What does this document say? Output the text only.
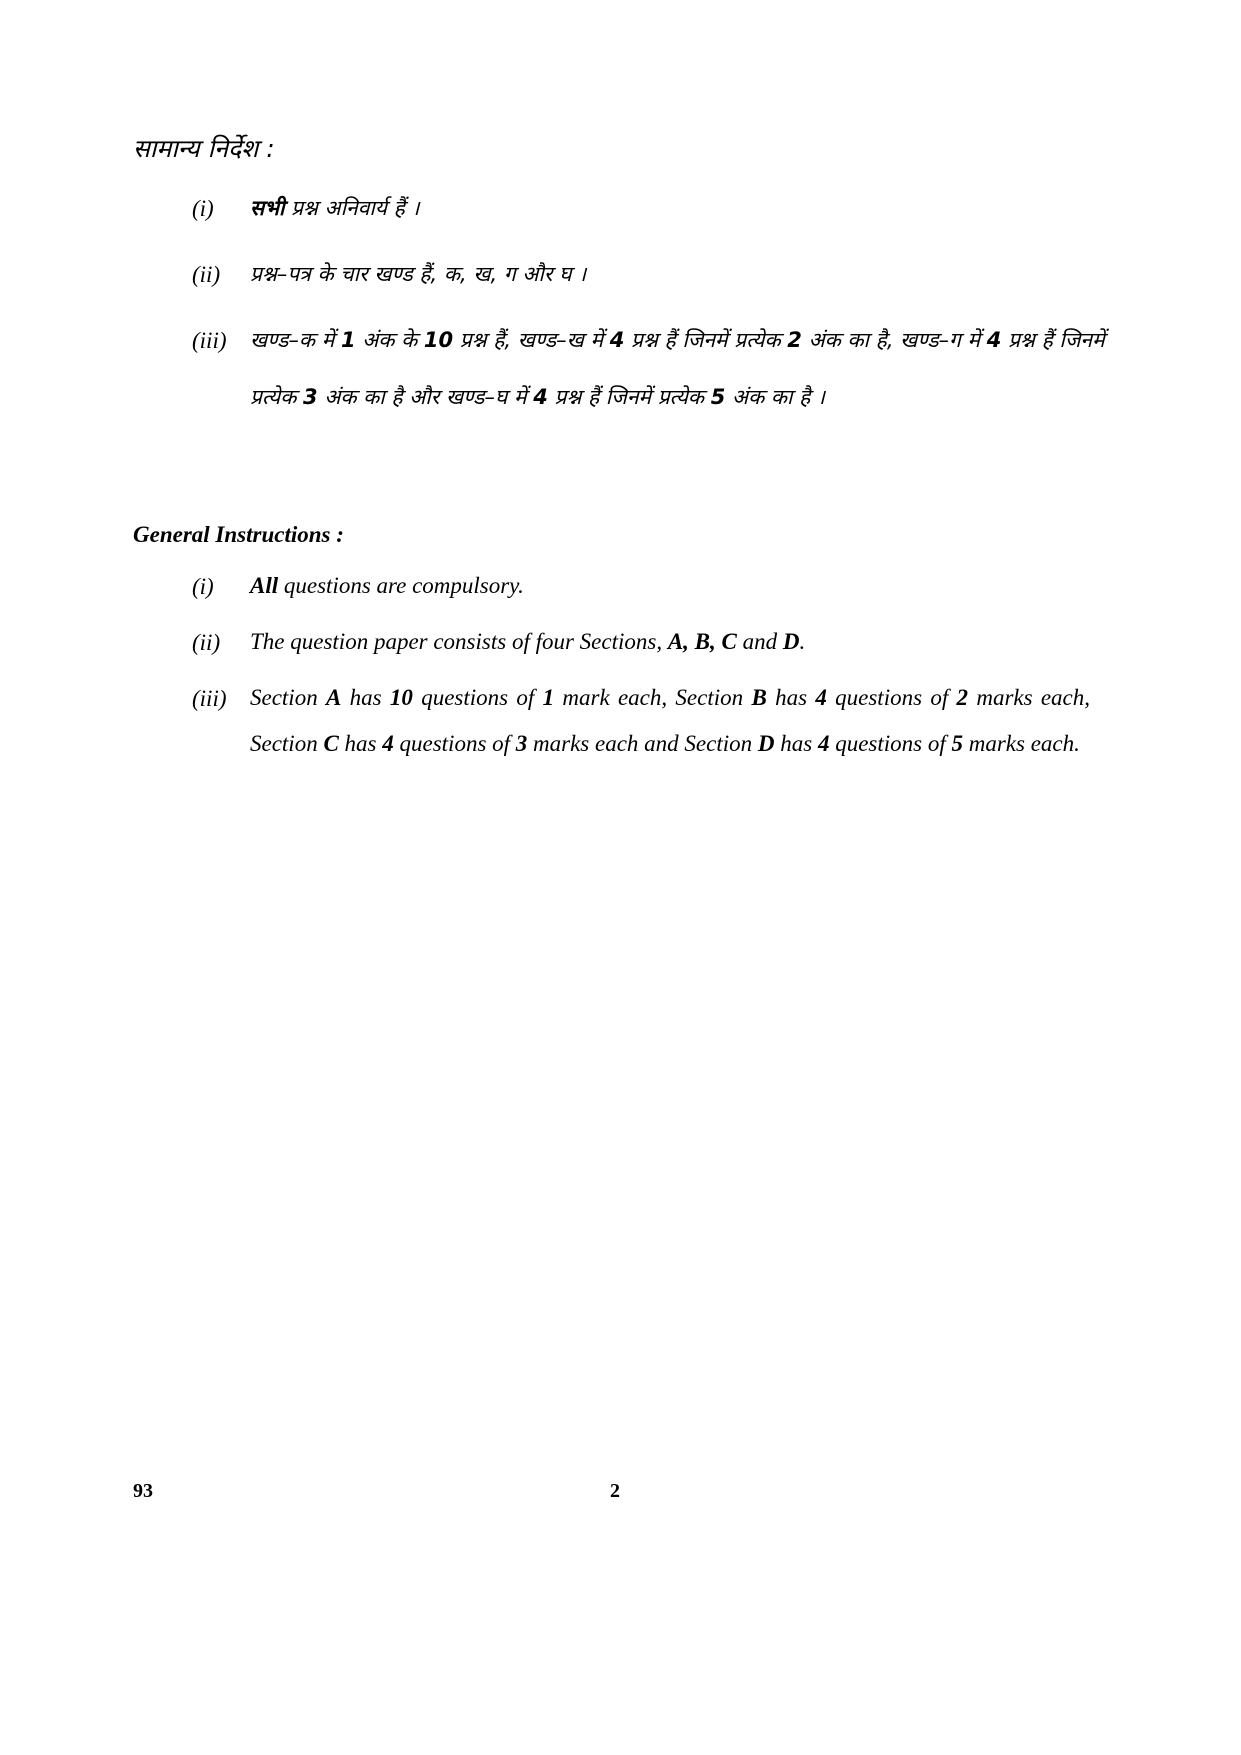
सामान्य निर्देश :
(i) सभी प्रश्न अनिवार्य हैं ।
(ii) प्रश्न–पत्र के चार खण्ड हैं, क, ख, ग और घ ।
(iii) खण्ड–क में 1 अंक के 10 प्रश्न हैं, खण्ड–ख में 4 प्रश्न हैं जिनमें प्रत्येक 2 अंक का है, खण्ड–ग में 4 प्रश्न हैं जिनमें प्रत्येक 3 अंक का है और खण्ड–घ में 4 प्रश्न हैं जिनमें प्रत्येक 5 अंक का है ।
General Instructions :
(i) All questions are compulsory.
(ii) The question paper consists of four Sections, A, B, C and D.
(iii) Section A has 10 questions of 1 mark each, Section B has 4 questions of 2 marks each, Section C has 4 questions of 3 marks each and Section D has 4 questions of 5 marks each.
93	2
